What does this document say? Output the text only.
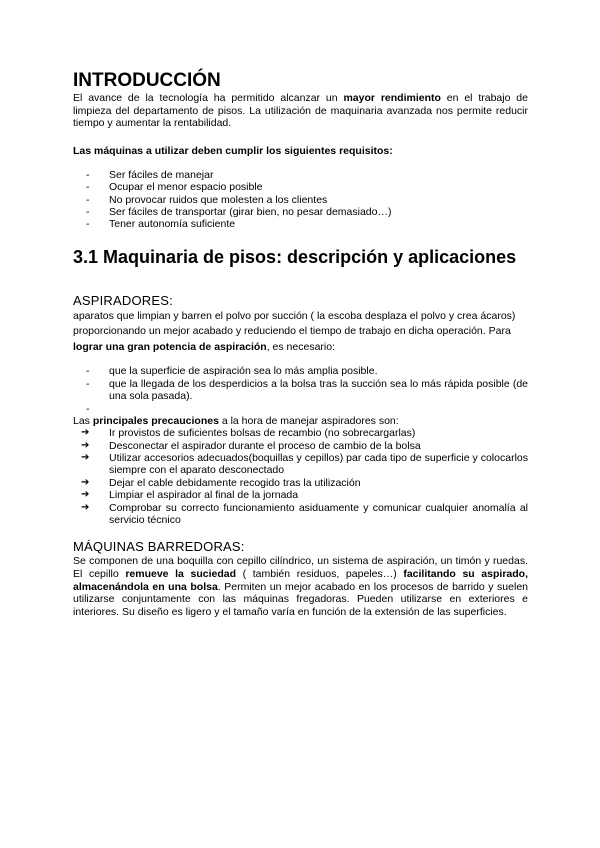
INTRODUCCIÓN

El avance de la tecnología ha permitido alcanzar un mayor rendimiento en el trabajo de limpieza del departamento de pisos. La utilización de maquinaria avanzada nos permite reducir tiempo y aumentar la rentabilidad.

Las máquinas a utilizar deben cumplir los siguientes requisitos:
- Ser fáciles de manejar
- Ocupar el menor espacio posible
- No provocar ruidos que molesten a los clientes
- Ser fáciles de transportar (girar bien, no pesar demasiado…)
- Tener autonomía suficiente
3.1 Maquinaria de pisos: descripción y aplicaciones
ASPIRADORES:

aparatos que limpian y barren el polvo por succión ( la escoba desplaza el polvo y crea ácaros) proporcionando un mejor acabado y reduciendo el tiempo de trabajo en dicha operación. Para lograr una gran potencia de aspiración, es necesario:

- que la superficie de aspiración sea lo más amplia posible.
- que la llegada de los desperdicios a la bolsa tras la succión sea lo más rápida posible (de una sola pasada).
-

Las principales precauciones a la hora de manejar aspiradores son:

➔ Ir provistos de suficientes bolsas de recambio (no sobrecargarlas)
➔ Desconectar el aspirador durante el proceso de cambio de la bolsa
➔ Utilizar accesorios adecuados(boquillas y cepillos) par cada tipo de superficie y colocarlos siempre con el aparato desconectado
➔ Dejar el cable debidamente recogido tras la utilización
➔ Limpiar el aspirador al final de la jornada
➔ Comprobar su correcto funcionamiento asiduamente y comunicar cualquier anomalía al servicio técnico
MÁQUINAS BARREDORAS:

Se componen de una boquilla con cepillo cilíndrico, un sistema de aspiración, un timón y ruedas. El cepillo remueve la suciedad ( también residuos, papeles…) facilitando su aspirado, almacenándola en una bolsa. Permiten un mejor acabado en los procesos de barrido y suelen utilizarse conjuntamente con las máquinas fregadoras. Pueden utilizarse en exteriores e interiores. Su diseño es ligero y el tamaño varía en función de la extensión de las superficies.
